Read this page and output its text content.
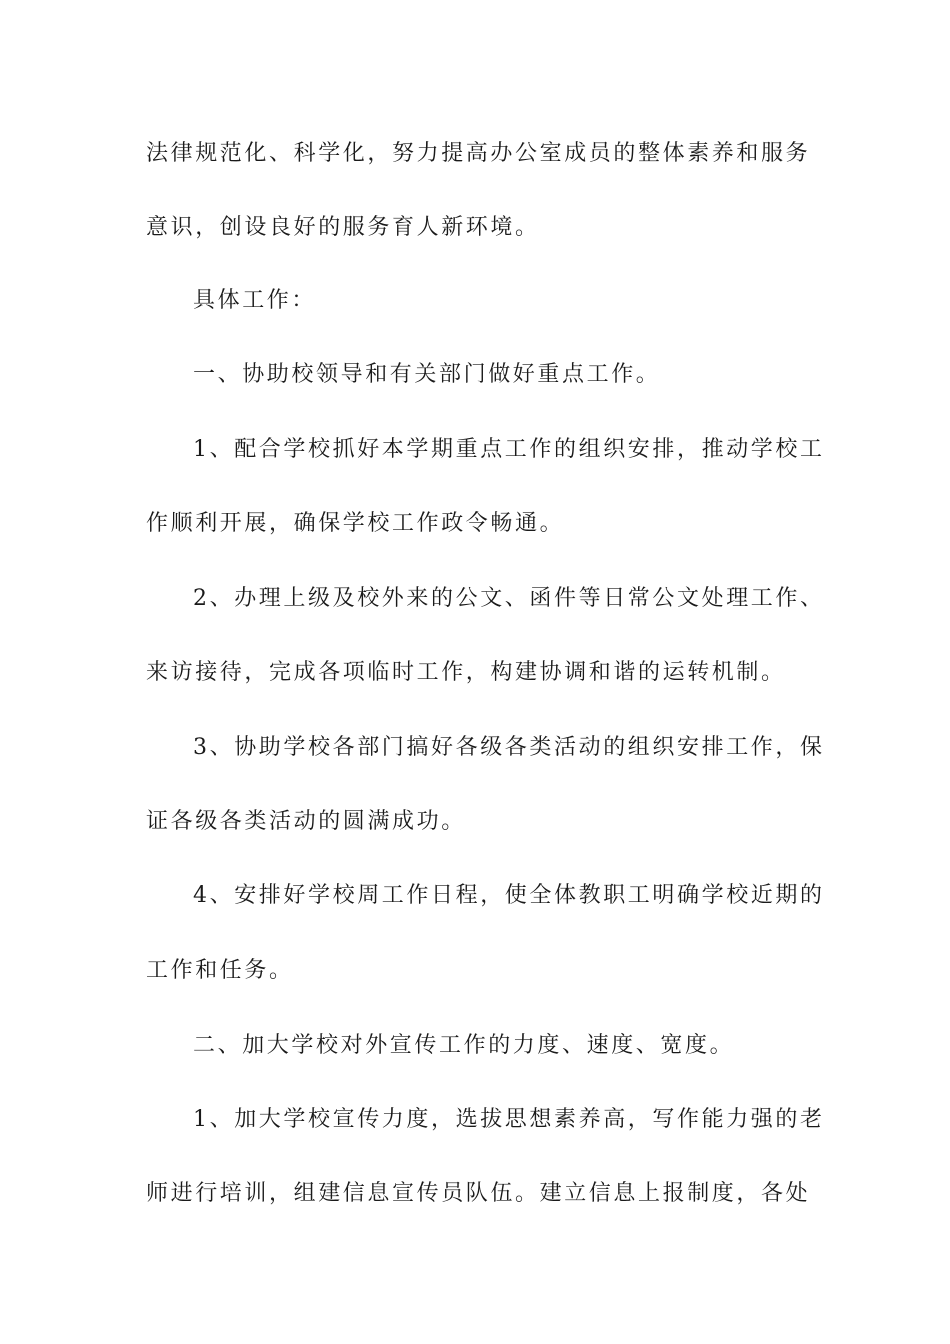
法律规范化、科学化，努力提高办公室成员的整体素养和服务
意识，创设良好的服务育人新环境。
具体工作：
一、协助校领导和有关部门做好重点工作。
1、配合学校抓好本学期重点工作的组织安排，推动学校工
作顺利开展，确保学校工作政令畅通。
2、办理上级及校外来的公文、函件等日常公文处理工作、
来访接待，完成各项临时工作，构建协调和谐的运转机制。
3、协助学校各部门搞好各级各类活动的组织安排工作，保
证各级各类活动的圆满成功。
4、安排好学校周工作日程，使全体教职工明确学校近期的
工作和任务。
二、加大学校对外宣传工作的力度、速度、宽度。
1、加大学校宣传力度，选拔思想素养高，写作能力强的老
师进行培训，组建信息宣传员队伍。建立信息上报制度，各处
